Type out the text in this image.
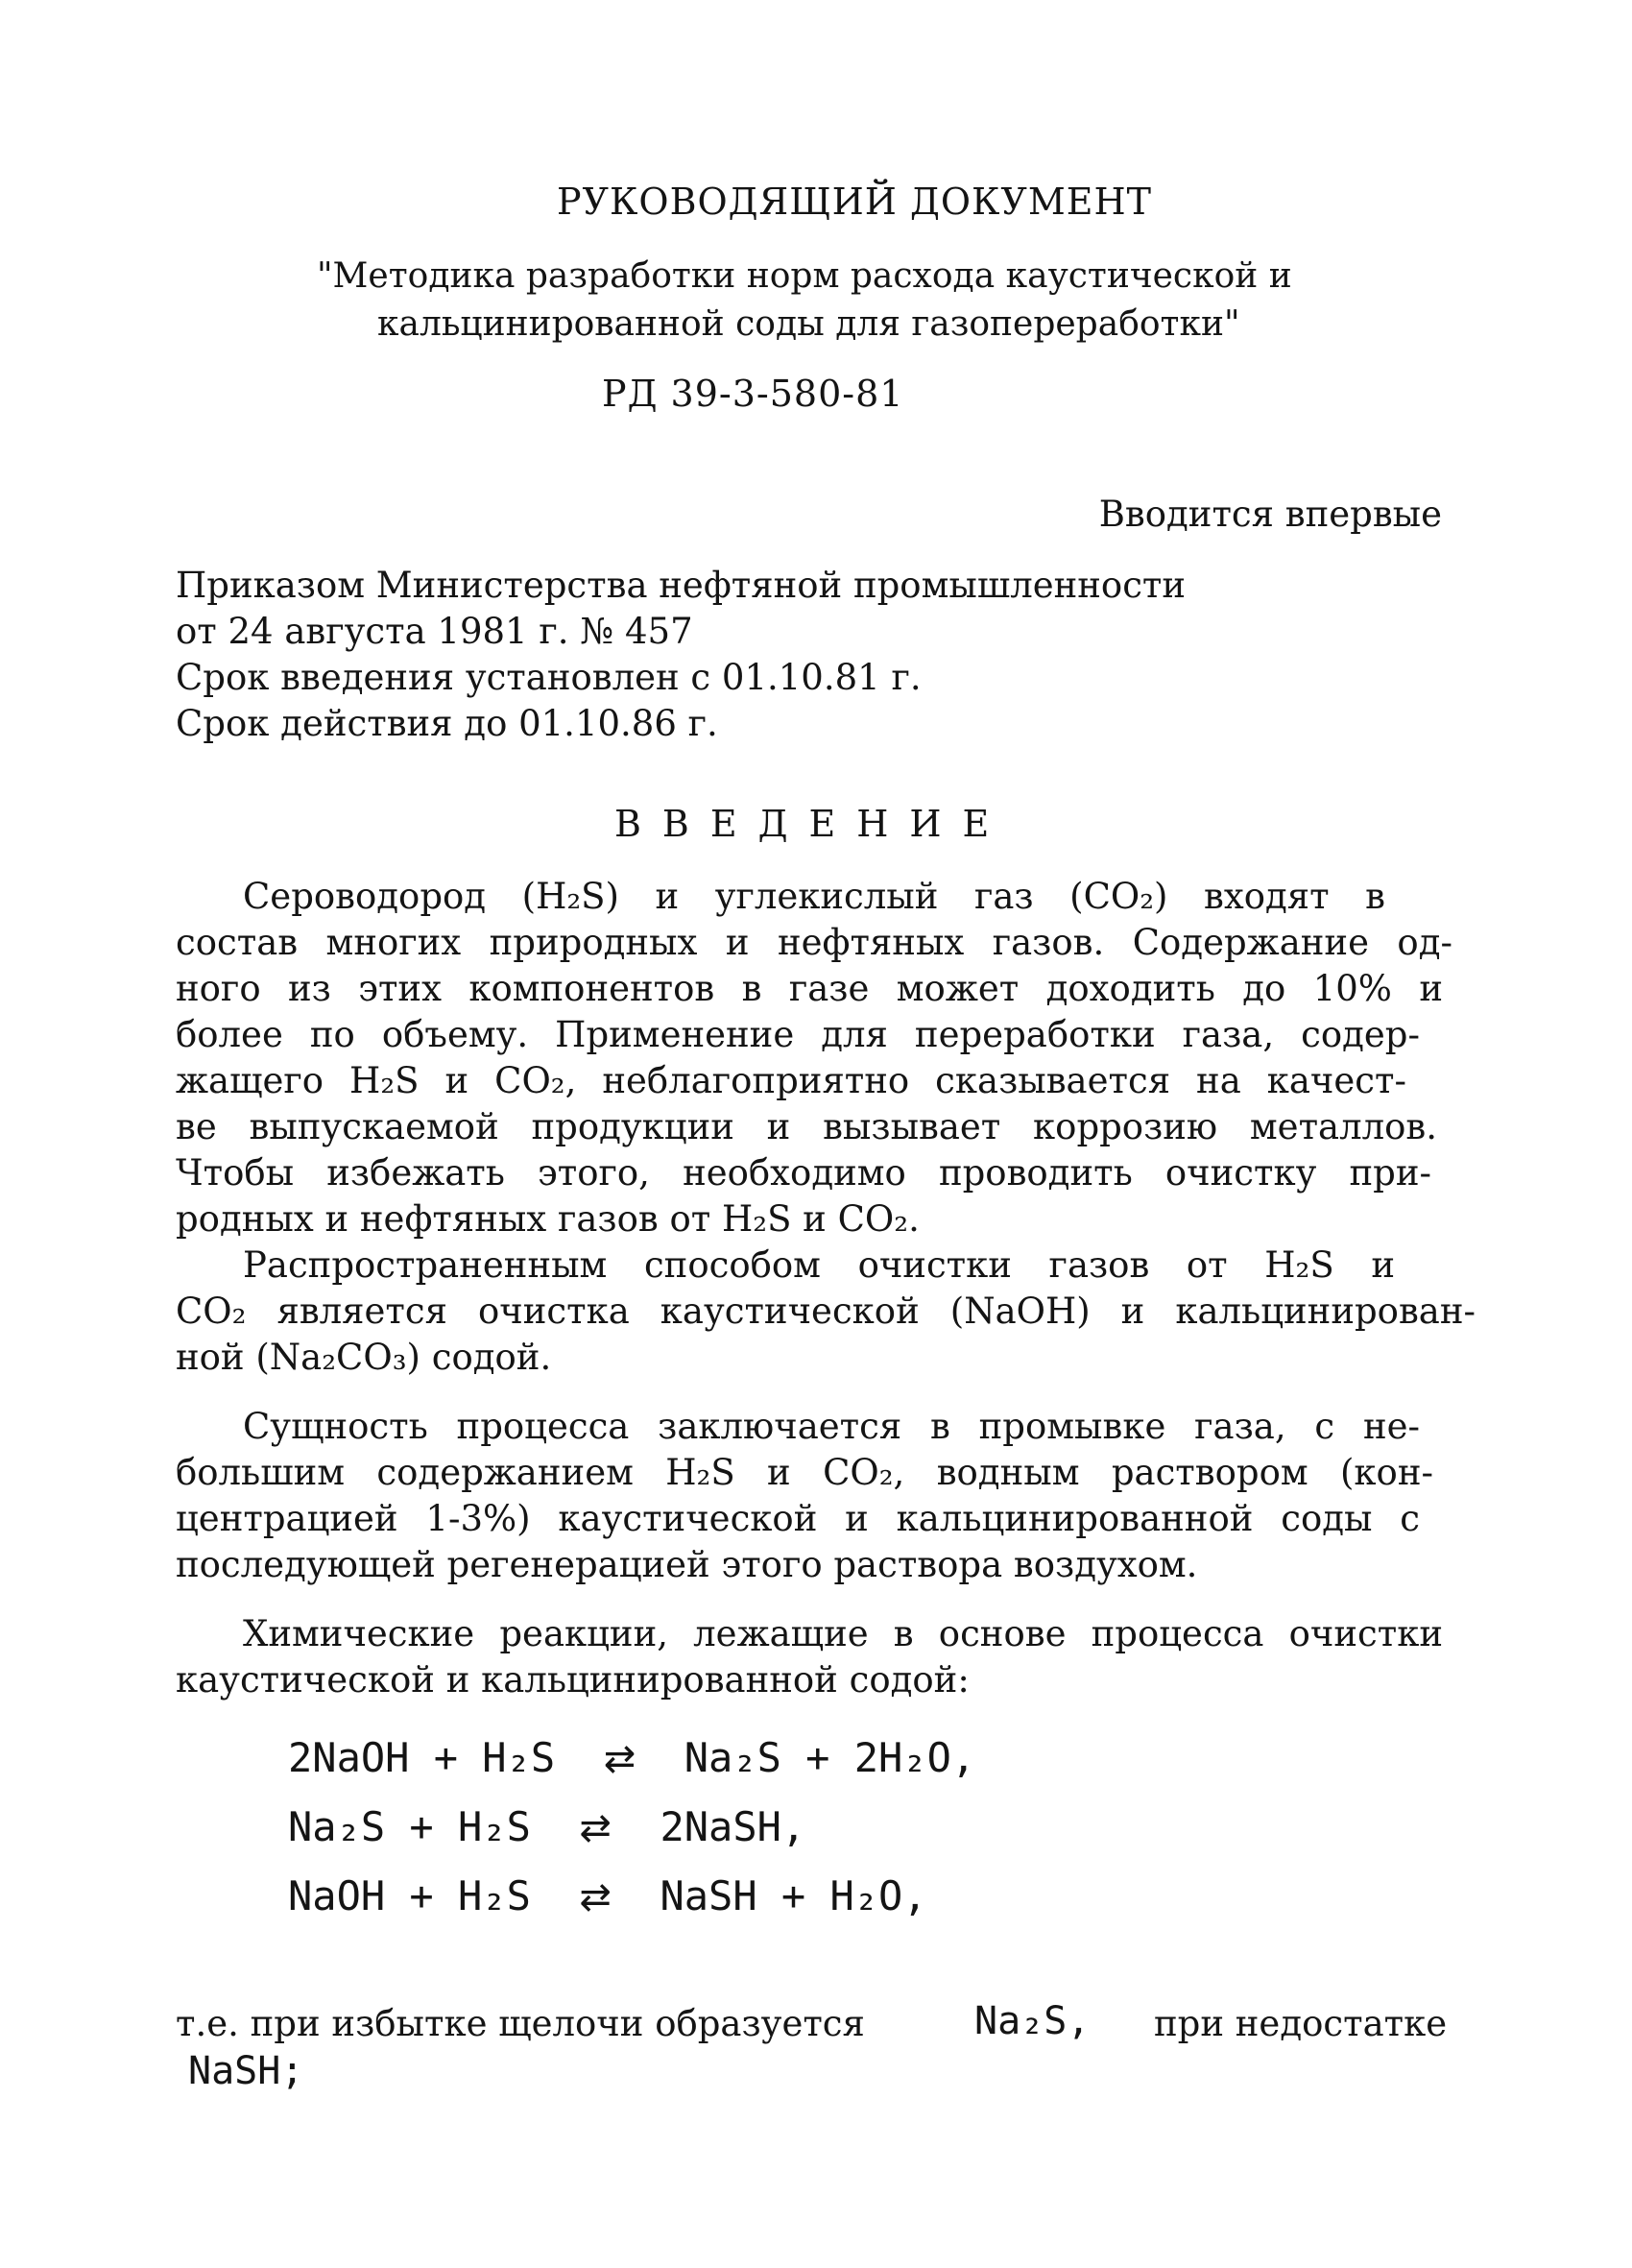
РУКОВОДЯЩИЙ ДОКУМЕНТ
"Методика разработки норм расхода каустической и
кальцинированной соды для газопереработки"
РД 39-3-580-81
Вводится впервые
Приказом Министерства нефтяной промышленности
от 24 августа 1981 г. № 457
Срок введения установлен с 01.10.81 г.
Срок действия до 01.10.86 г.
ВВЕДЕНИЕ
Сероводород (H₂S) и углекислый газ (CO₂) входят в
состав многих природных и нефтяных газов. Содержание од-
ного из этих компонентов в газе может доходить до 10% и
более по объему. Применение для переработки газа, содер-
жащего H₂S и CO₂, неблагоприятно сказывается на качест-
ве выпускаемой продукции и вызывает коррозию металлов.
Чтобы избежать этого, необходимо проводить очистку при-
родных и нефтяных газов от H₂S и CO₂.
Распространенным способом очистки газов от H₂S и
CO₂ является очистка каустической (NaOH) и кальцинирован-
ной (Na₂CO₃) содой.
Сущность процесса заключается в промывке газа, с не-
большим содержанием H₂S и CO₂, водным раствором (кон-
центрацией 1-3%) каустической и кальцинированной соды с
последующей регенерацией этого раствора воздухом.
Химические реакции, лежащие в основе процесса очистки
каустической и кальцинированной содой:
2NaOH + H₂S ⇄ Na₂S + 2H₂O,
Na₂S + H₂S ⇄ 2NaSH,
NaOH + H₂S ⇄ NaSH + H₂O,
т.е. при избытке щелочи образуется	Na₂S, при недостатке
NaSH;
